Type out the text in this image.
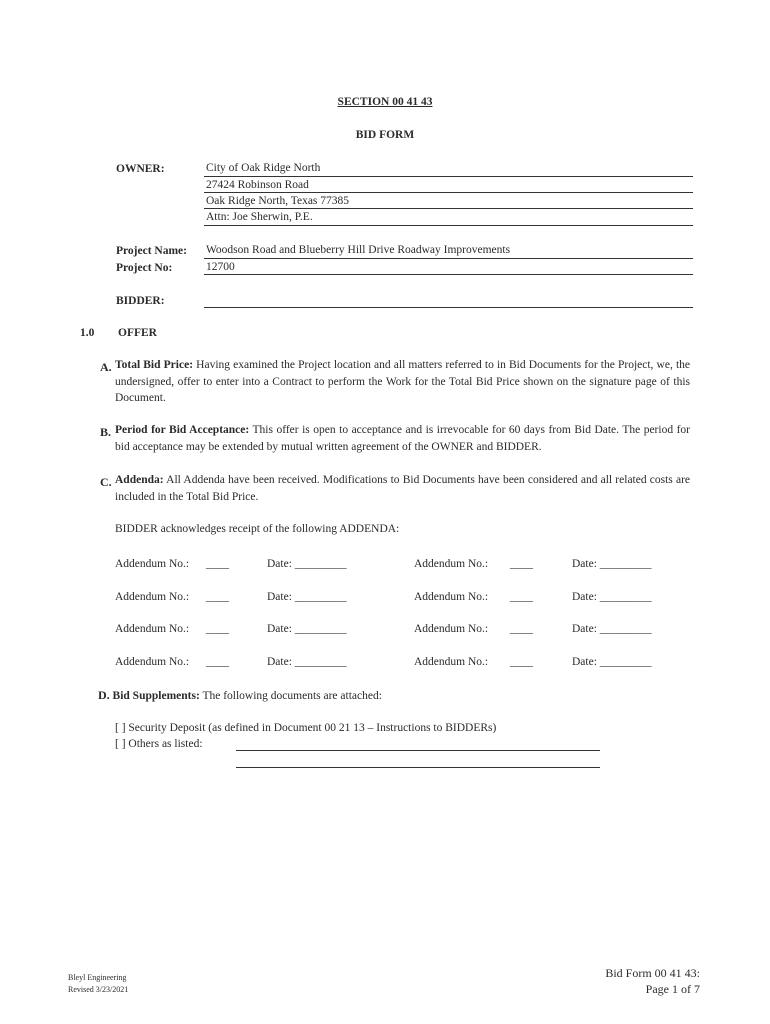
SECTION 00 41 43
BID FORM
OWNER:	City of Oak Ridge North
27424 Robinson Road
Oak Ridge North, Texas 77385
Attn: Joe Sherwin, P.E.
Project Name: Woodson Road and Blueberry Hill Drive Roadway Improvements
Project No:	12700
BIDDER:
1.0 OFFER
A. Total Bid Price: Having examined the Project location and all matters referred to in Bid Documents for the Project, we, the undersigned, offer to enter into a Contract to perform the Work for the Total Bid Price shown on the signature page of this Document.
B. Period for Bid Acceptance: This offer is open to acceptance and is irrevocable for 60 days from Bid Date. The period for bid acceptance may be extended by mutual written agreement of the OWNER and BIDDER.
C. Addenda: All Addenda have been received. Modifications to Bid Documents have been considered and all related costs are included in the Total Bid Price.
BIDDER acknowledges receipt of the following ADDENDA:
Addendum No.: ____	Date: _________	Addendum No.: ____	Date: _________
Addendum No.: ____	Date: _________	Addendum No.: ____	Date: _________
Addendum No.: ____	Date: _________	Addendum No.: ____	Date: _________
Addendum No.: ____	Date: _________	Addendum No.: ____	Date: _________
D. Bid Supplements: The following documents are attached:
[ ] Security Deposit (as defined in Document 00 21 13 – Instructions to BIDDERs)
[ ] Others as listed:
Bleyl Engineering
Revised 3/23/2021
Bid Form 00 41 43:
Page 1 of 7
